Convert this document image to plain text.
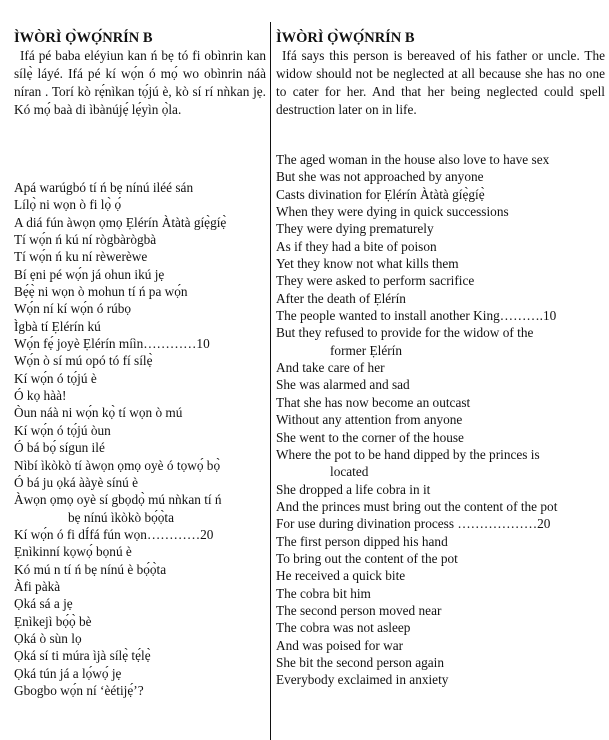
ÌWÒRÌ Ọ̀WỌ́NRÍN B

Ifá pé baba eléyiun kan ń bẹ tó fi obìnrin kan sílẹ̀ láyé. Ifá pé kí wọ́n ó mọ́ wo obìnrin náà níran . Torí kò rẹ́nìkan tọ́jú è, kò sí rí nǹkan jẹ. Kó mọ́ baà di ìbànújẹ́ lẹ́yìn ọ̀la.

Apá warúgbó tí ń bẹ nínú iléé sán
Lílọ̀ ni wọn ò fi lọ̀ ọ́
A diá fún àwọn ọmọ Ẹlérín Àtàtà gíẹ̀gíẹ̀
Tí wọ́n ń kú ní rògbàrògbà
Tí wọ́n ń ku ní rèwerèwe
Bí ẹni pé wọ́n já ohun ikú jẹ
Bẹ́ẹ̀ ni wọn ò mohun tí ń pa wọ́n
Wọ́n ní kí wọ́n ó rúbọ
Ìgbà tí Ẹlérín kú
Wọ́n fẹ́ joyè Ẹlérín míìn…………10
Wọ́n ò sí mú opó tó fí sílẹ̀
Kí wọ́n ó tọ́jú è
Ó kọ hàà!
Òun náà ni wọ́n kọ̀ tí wọn ò mú
Kí wọ́n ó tọ́jú òun
Ó bá bọ́ sígun ilé
Nìbí ìkòkò tí àwọn ọmọ oyè ó tọwọ́ bọ̀
Ó bá ju ọká ààyè sínú è
Àwọn ọmọ oyè sí gbọdọ̀ mú nǹkan tí ń
bẹ nínú ìkòkò bọ́ọ̀ta
Kí wọ́n ó fi dÍfá fún wọn…………20
Ẹnìkinní kọwọ́ bọnú è
Kó mú n tí ń bẹ nínú è bọ́ọ̀ta
Àfi pàkà
Ọká sá a jẹ
Ẹnìkejì bọ́ọ̀ bè
Ọká ò sùn lọ
Ọká sí ti múra ìjà sílẹ̀ tẹ́lẹ̀
Ọká tún já a lọ́wọ́ jẹ
Gbogbo wọ́n ní ‘èétijẹ́’?

ÌWÒRÌ Ọ̀WỌ́NRÍN B

Ifá says this person is bereaved of his father or uncle. The widow should not be neglected at all because she has no one to cater for her. And that her being neglected could spell destruction later on in life.

The aged woman in the house also love to have sex
But she was not approached by anyone
Casts divination for Ẹlérín Àtàtà gíẹ̀gíẹ̀
When they were dying in quick successions
They were dying prematurely
As if they had a bite of poison
Yet they know not what kills them
They were asked to perform sacrifice
After the death of Ẹlérín
The people wanted to install another King……….10
But they refused to provide for the widow of the
former Ẹlérín
And take care of her
She was alarmed and sad
That she has now become an outcast
Without any attention from anyone
She went to the corner of the house
Where the pot to be hand dipped by the princes is
located
She dropped a life cobra in it
And the princes must bring out the content of the pot
For use during divination process ………………20
The first person dipped his hand
To bring out the content of the pot
He received a quick bite
The cobra bit him
The second person moved near
The cobra was not asleep
And was poised for war
She bit the second person again
Everybody exclaimed in anxiety
